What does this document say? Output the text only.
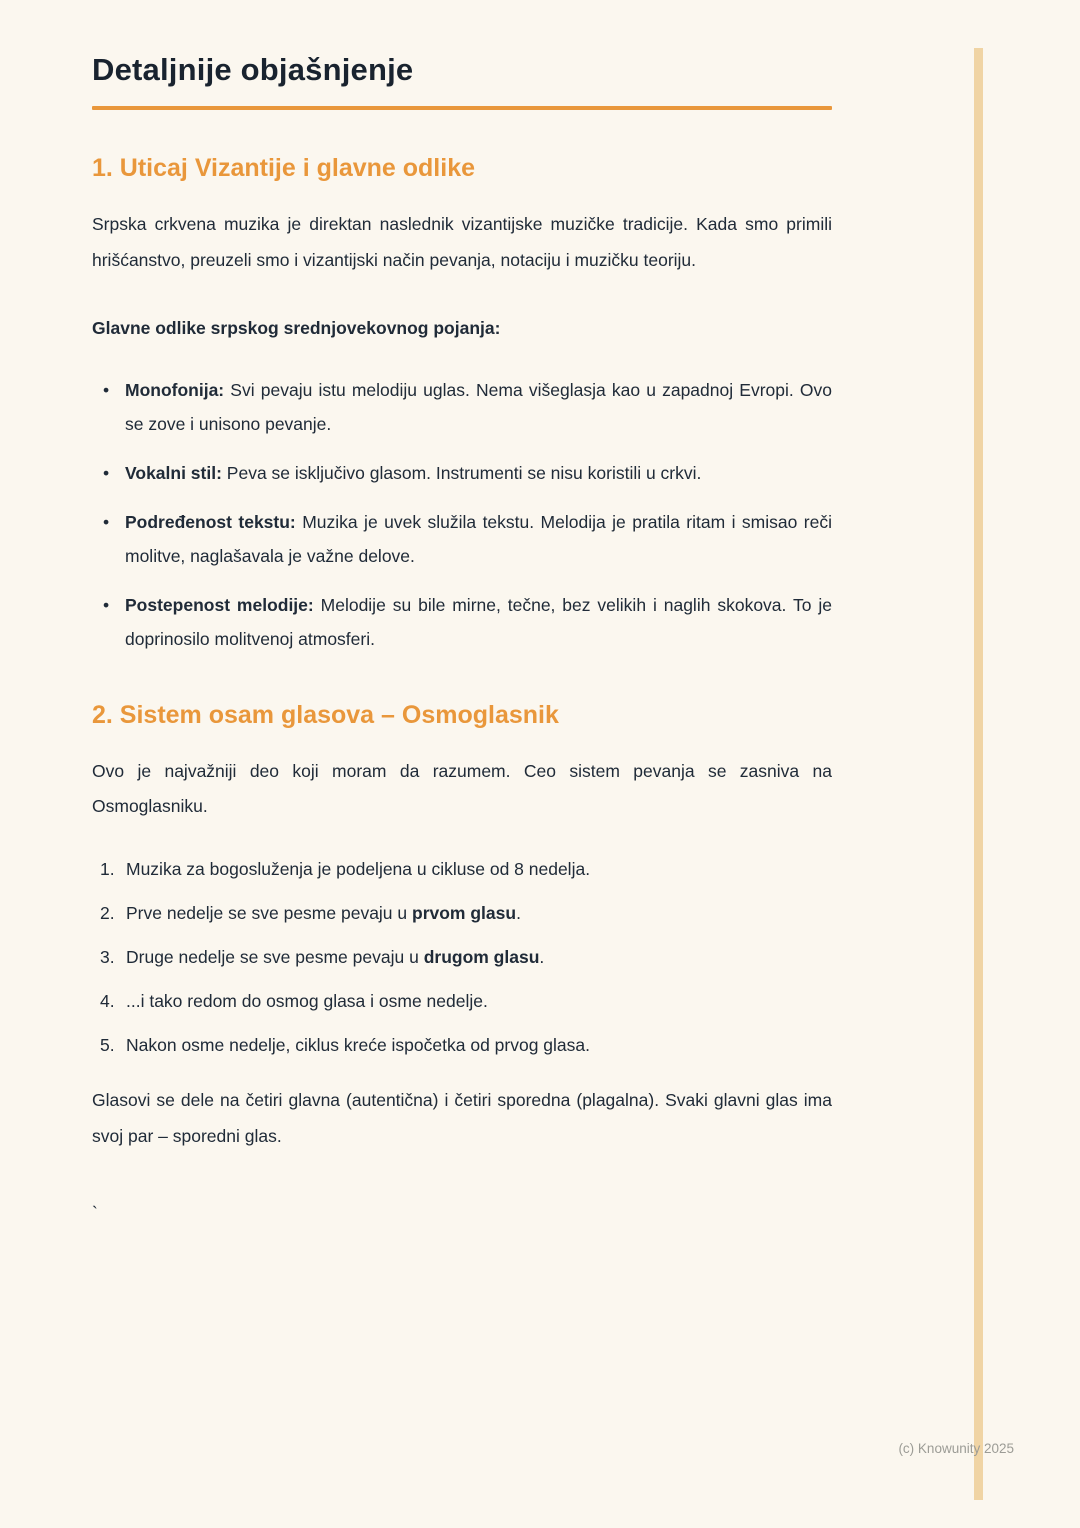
Detaljnije objašnjenje
1. Uticaj Vizantije i glavne odlike

Srpska crkvena muzika je direktan naslednik vizantijske muzičke tradicije. Kada smo primili hrišćanstvo, preuzeli smo i vizantijski način pevanja, notaciju i muzičku teoriju.

Glavne odlike srpskog srednjovekovnog pojanja:

• Monofonija: Svi pevaju istu melodiju uglas. Nema višeglasja kao u zapadnoj Evropi. Ovo se zove i unisono pevanje.
• Vokalni stil: Peva se isključivo glasom. Instrumenti se nisu koristili u crkvi.
• Podređenost tekstu: Muzika je uvek služila tekstu. Melodija je pratila ritam i smisao reči molitve, naglašavala je važne delove.
• Postepenost melodije: Melodije su bile mirne, tečne, bez velikih i naglih skokova. To je doprinosilo molitvenoj atmosferi.
2. Sistem osam glasova – Osmoglasnik

Ovo je najvažniji deo koji moram da razumem. Ceo sistem pevanja se zasniva na Osmoglasniku.

Muzika za bogosluženja je podeljena u cikluse od 8 nedelja.
Prve nedelje se sve pesme pevaju u prvom glasu.
Druge nedelje se sve pesme pevaju u drugom glasu.
...i tako redom do osmog glasa i osme nedelje.
Nakon osme nedelje, ciklus kreće ispočetka od prvog glasa.

Glasovi se dele na četiri glavna (autentična) i četiri sporedna (plagalna). Svaki glavni glas ima svoj par – sporedni glas.

`

(c) Knowunity 2025
